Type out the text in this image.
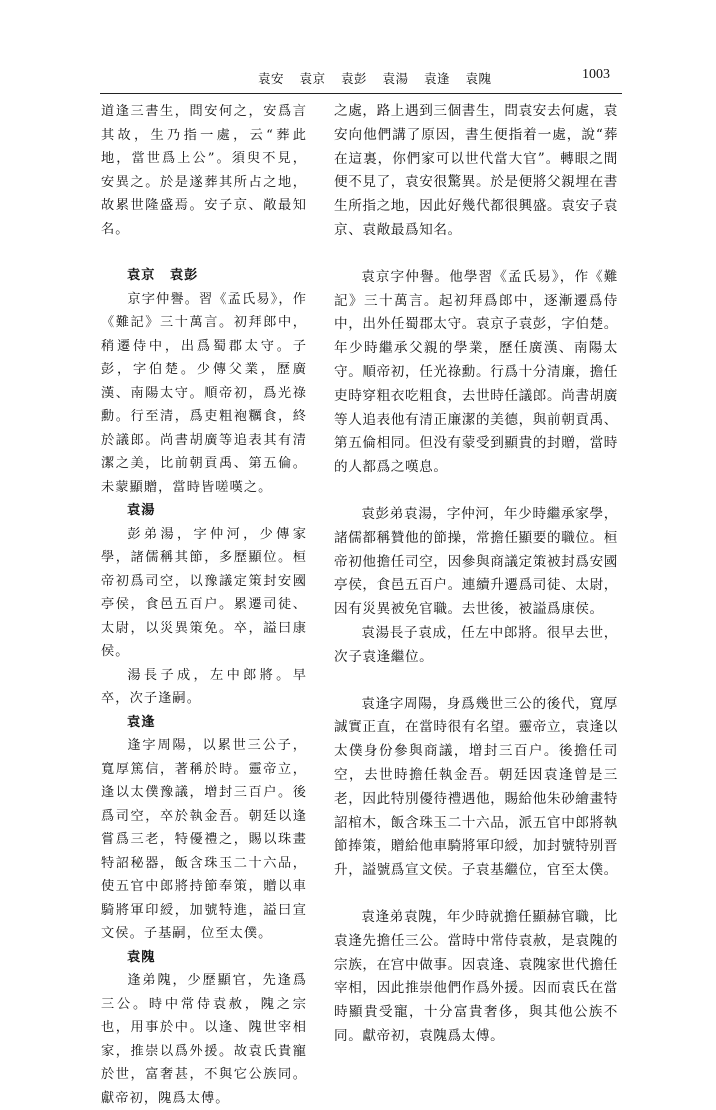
袁安 袁京 袁彭 袁湯 袁逢 袁隗	1003

道逢三書生，問安何之，安爲言其故，生乃指一處，云“葬此地，當世爲上公”。須臾不見，安異之。於是遂葬其所占之地，故累世隆盛焉。安子京、敞最知名。

袁京　袁彭

京字仲譽。習《孟氏易》，作《難記》三十萬言。初拜郎中，稍遷侍中，出爲蜀郡太守。子彭，字伯楚。少傳父業，歷廣漢、南陽太守。順帝初，爲光祿勳。行至清，爲吏粗袍糲食，終於議郎。尚書胡廣等追表其有清潔之美，比前朝貢禹、第五倫。未蒙顯贈，當時皆嗟嘆之。

袁湯

彭弟湯，字仲河，少傳家學，諸儒稱其節，多歷顯位。桓帝初爲司空，以豫議定策封安國亭侯，食邑五百户。累遷司徒、太尉，以災異策免。卒，謚曰康侯。

湯長子成，左中郎將。早卒，次子逢嗣。

袁逢

逢字周陽，以累世三公子，寬厚篤信，著稱於時。靈帝立，逢以太僕豫議，增封三百户。後爲司空，卒於執金吾。朝廷以逢嘗爲三老，特優禮之，賜以珠畫特詔秘器，飯含珠玉二十六品，使五官中郎將持節奉策，贈以車騎將軍印綬，加號特進，謚曰宣文侯。子基嗣，位至太僕。

袁隗

逢弟隗，少歷顯官，先逢爲三公。時中常侍袁赦，隗之宗也，用事於中。以逢、隗世宰相家，推崇以爲外援。故袁氏貴寵於世，富奢甚，不與它公族同。獻帝初，隗爲太傅。

之處，路上遇到三個書生，問袁安去何處，袁安向他們講了原因，書生便指着一處，說“葬在這裏，你們家可以世代當大官”。轉眼之間便不見了，袁安很驚異。於是便將父親埋在書生所指之地，因此好幾代都很興盛。袁安子袁京、袁敞最爲知名。

袁京字仲譽。他學習《孟氏易》，作《難記》三十萬言。起初拜爲郎中，逐漸遷爲侍中，出外任蜀郡太守。袁京子袁彭，字伯楚。年少時繼承父親的學業，歷任廣漢、南陽太守。順帝初，任光祿勳。行爲十分清廉，擔任吏時穿粗衣吃粗食，去世時任議郎。尚書胡廣等人追表他有清正廉潔的美德，與前朝貢禹、第五倫相同。但没有蒙受到顯貴的封贈，當時的人都爲之嘆息。

袁彭弟袁湯，字仲河，年少時繼承家學，諸儒都稱贊他的節操，常擔任顯要的職位。桓帝初他擔任司空，因參與商議定策被封爲安國亭侯，食邑五百户。連續升遷爲司徒、太尉，因有災異被免官職。去世後，被謚爲康侯。

袁湯長子袁成，任左中郎將。很早去世，次子袁逢繼位。

袁逢字周陽，身爲幾世三公的後代，寬厚誠實正直，在當時很有名望。靈帝立，袁逢以太僕身份參與商議，增封三百户。後擔任司空，去世時擔任執金吾。朝廷因袁逢曾是三老，因此特別優待禮遇他，賜給他朱砂繪畫特詔棺木，飯含珠玉二十六品，派五官中郎將執節捧策，贈給他車騎將軍印綬，加封號特别晋升，謚號爲宣文侯。子袁基繼位，官至太僕。

袁逢弟袁隗，年少時就擔任顯赫官職，比袁逢先擔任三公。當時中常侍袁赦，是袁隗的宗族，在宫中做事。因袁逢、袁隗家世代擔任宰相，因此推崇他們作爲外援。因而袁氏在當時顯貴受寵，十分富貴奢侈，與其他公族不同。獻帝初，袁隗爲太傅。
